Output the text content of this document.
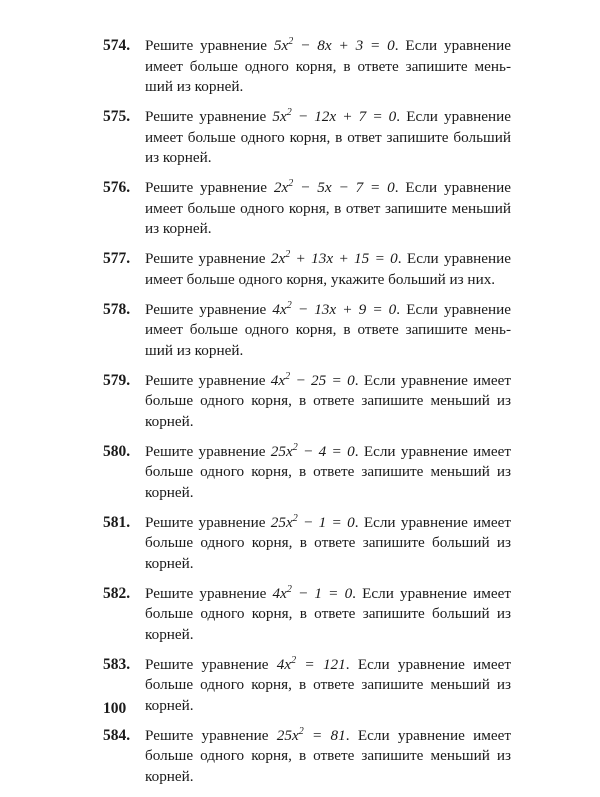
574. Решите уравнение $5x^2 - 8x + 3 = 0$. Если уравнение имеет больше одного корня, в ответе запишите меньший из корней.
575. Решите уравнение $5x^2 - 12x + 7 = 0$. Если уравнение имеет больше одного корня, в ответ запишите больший из корней.
576. Решите уравнение $2x^2 - 5x - 7 = 0$. Если уравнение имеет больше одного корня, в ответ запишите меньший из корней.
577. Решите уравнение $2x^2 + 13x + 15 = 0$. Если уравнение имеет больше одного корня, укажите больший из них.
578. Решите уравнение $4x^2 - 13x + 9 = 0$. Если уравнение имеет больше одного корня, в ответе запишите меньший из корней.
579. Решите уравнение $4x^2 - 25 = 0$. Если уравнение имеет больше одного корня, в ответе запишите меньший из корней.
580. Решите уравнение $25x^2 - 4 = 0$. Если уравнение имеет больше одного корня, в ответе запишите меньший из корней.
581. Решите уравнение $25x^2 - 1 = 0$. Если уравнение имеет больше одного корня, в ответе запишите больший из корней.
582. Решите уравнение $4x^2 - 1 = 0$. Если уравнение имеет больше одного корня, в ответе запишите больший из корней.
583. Решите уравнение $4x^2 = 121$. Если уравнение имеет больше одного корня, в ответе запишите меньший из корней.
584. Решите уравнение $25x^2 = 81$. Если уравнение имеет больше одного корня, в ответе запишите меньший из корней.
100
